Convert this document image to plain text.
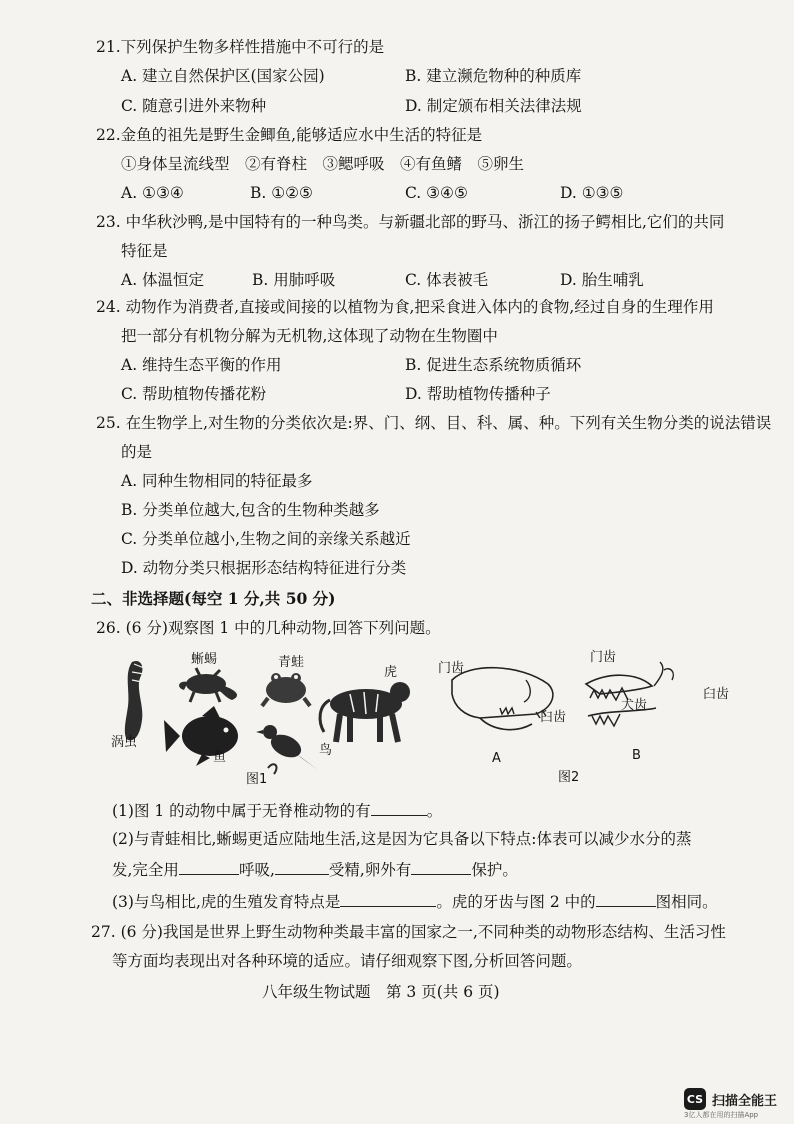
21.下列保护生物多样性措施中不可行的是
A. 建立自然保护区(国家公园)	B. 建立濒危物种的种质库
C. 随意引进外来物种	D. 制定颁布相关法律法规
22.金鱼的祖先是野生金鲫鱼,能够适应水中生活的特征是
①身体呈流线型　②有脊柱　③鳃呼吸　④有鱼鳍　⑤卵生
A. ①③④	B. ①②⑤	C. ③④⑤	D. ①③⑤
23. 中华秋沙鸭,是中国特有的一种鸟类。与新疆北部的野马、浙江的扬子鳄相比,它们的共同
特征是
A. 体温恒定	B. 用肺呼吸	C. 体表被毛	D. 胎生哺乳
24. 动物作为消费者,直接或间接的以植物为食,把采食进入体内的食物,经过自身的生理作用
把一部分有机物分解为无机物,这体现了动物在生物圈中
A. 维持生态平衡的作用	B. 促进生态系统物质循环
C. 帮助植物传播花粉	D. 帮助植物传播种子
25. 在生物学上,对生物的分类依次是:界、门、纲、目、科、属、种。下列有关生物分类的说法错误
的是
A. 同种生物相同的特征最多
B. 分类单位越大,包含的生物种类越多
C. 分类单位越小,生物之间的亲缘关系越近
D. 动物分类只根据形态结构特征进行分类
二、非选择题(每空 1 分,共 50 分)
26. (6 分)观察图 1 中的几种动物,回答下列问题。
蜥蜴	青蛙
虎
涡虫
鱼	鸟
图1
门齿
臼齿
A
门齿
犬齿
臼齿
B
图2
(1)图 1 的动物中属于无脊椎动物的有	。
(2)与青蛙相比,蜥蜴更适应陆地生活,这是因为它具备以下特点:体表可以减少水分的蒸
发,完全用	呼吸,	受精,卵外有	保护。
(3)与鸟相比,虎的生殖发育特点是	。虎的牙齿与图 2 中的	图相同。
27. (6 分)我国是世界上野生动物种类最丰富的国家之一,不同种类的动物形态结构、生活习性
等方面均表现出对各种环境的适应。请仔细观察下图,分析回答问题。
八年级生物试题　第 3 页(共 6 页)
CS 扫描全能王
3亿人都在用的扫描App
